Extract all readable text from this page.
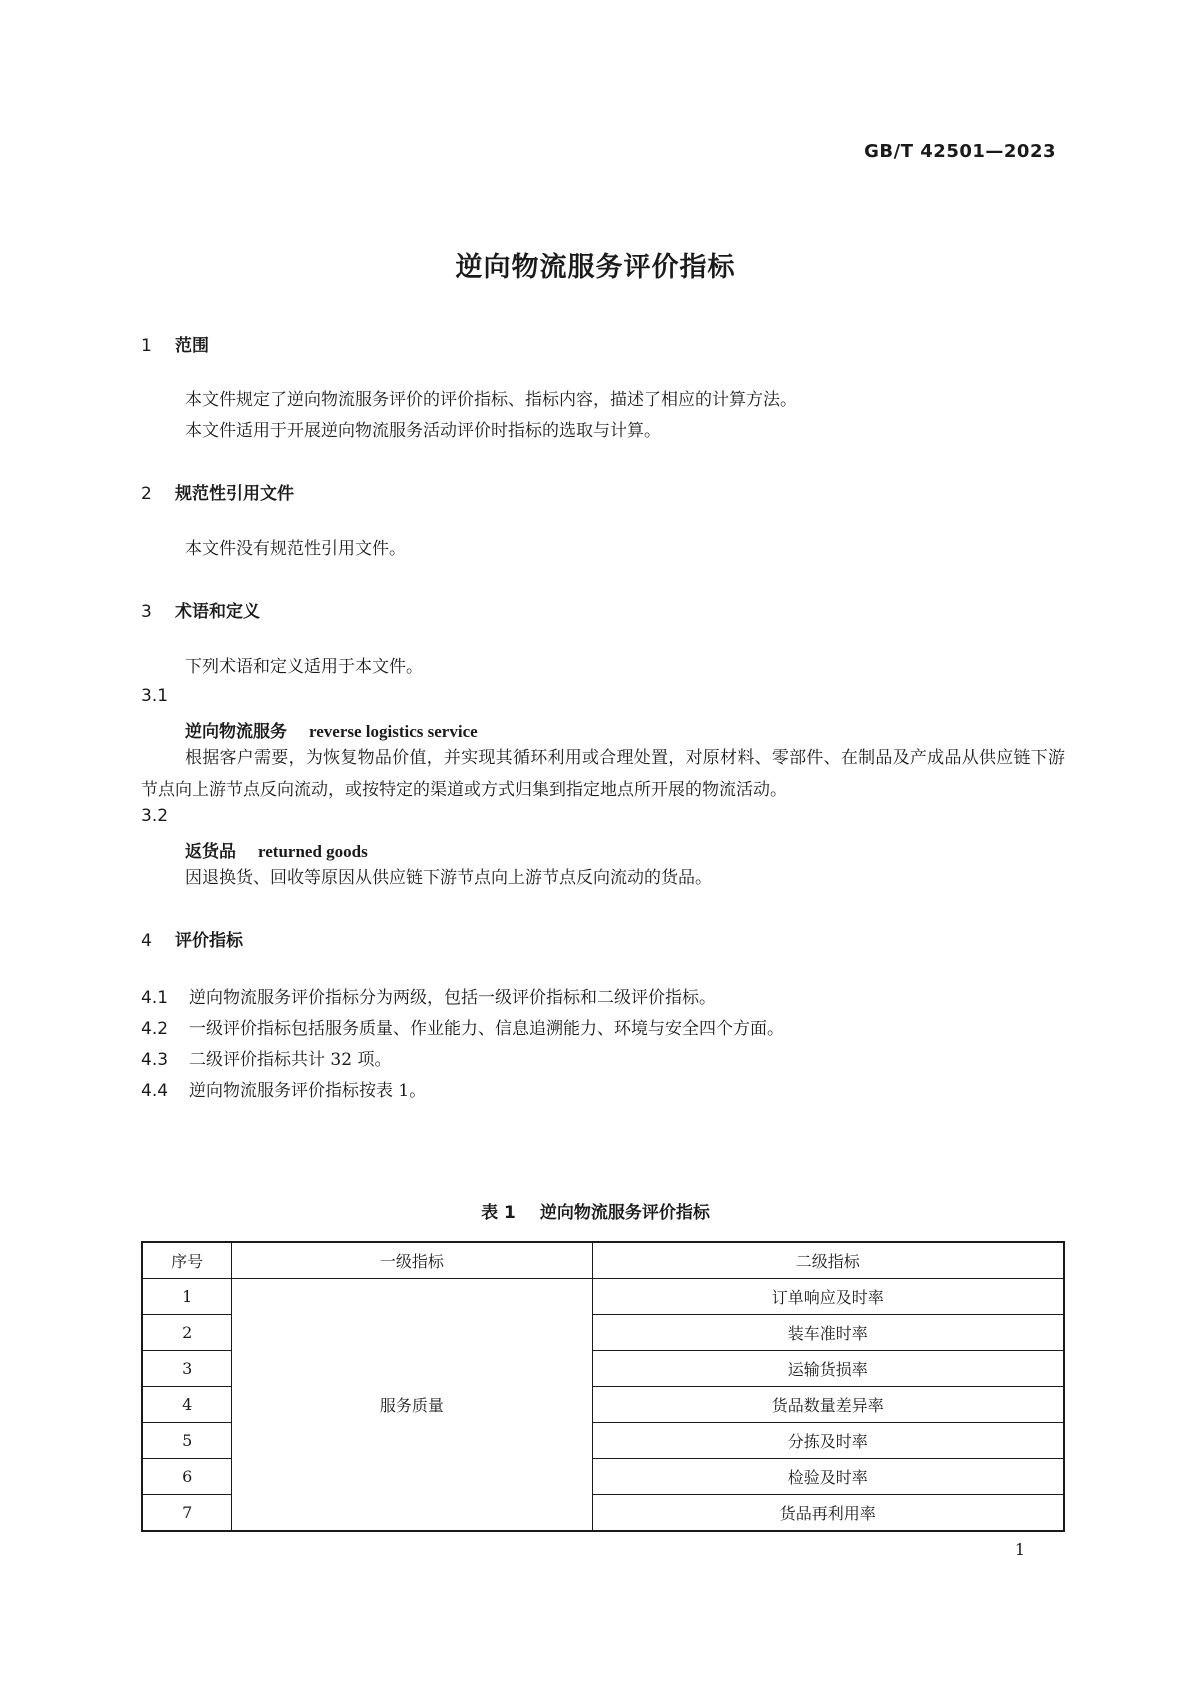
GB/T 42501—2023
逆向物流服务评价指标
1 范围
本文件规定了逆向物流服务评价的评价指标、指标内容，描述了相应的计算方法。
本文件适用于开展逆向物流服务活动评价时指标的选取与计算。
2 规范性引用文件
本文件没有规范性引用文件。
3 术语和定义
下列术语和定义适用于本文件。
3.1
逆向物流服务 reverse logistics service
根据客户需要，为恢复物品价值，并实现其循环利用或合理处置，对原材料、零部件、在制品及产成品从供应链下游节点向上游节点反向流动，或按特定的渠道或方式归集到指定地点所开展的物流活动。
3.2
返货品 returned goods
因退换货、回收等原因从供应链下游节点向上游节点反向流动的货品。
4 评价指标
4.1 逆向物流服务评价指标分为两级，包括一级评价指标和二级评价指标。
4.2 一级评价指标包括服务质量、作业能力、信息追溯能力、环境与安全四个方面。
4.3 二级评价指标共计 32 项。
4.4 逆向物流服务评价指标按表 1。
表 1 逆向物流服务评价指标
序号	一级指标	二级指标
1	服务质量	订单响应及时率
2		装车准时率
3		运输货损率
4		货品数量差异率
5		分拣及时率
6		检验及时率
7		货品再利用率
1
